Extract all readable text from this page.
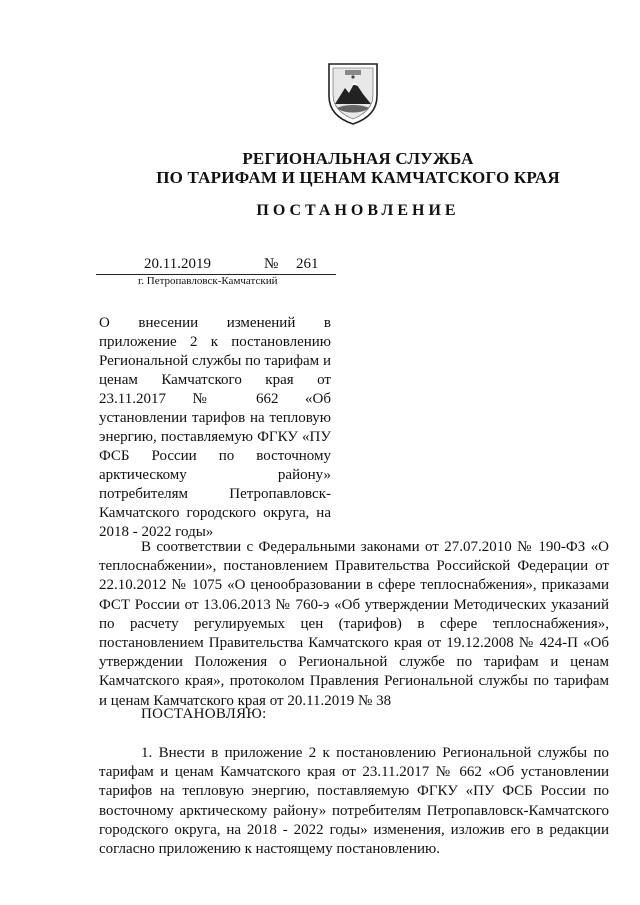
РЕГИОНАЛЬНАЯ СЛУЖБА
ПО ТАРИФАМ И ЦЕНАМ КАМЧАТСКОГО КРАЯ
ПОСТАНОВЛЕНИЕ
20.11.2019	№ 261
г. Петропавловск-Камчатский
О внесении изменений в приложение 2 к постановлению Региональной службы по тарифам и ценам Камчатского края от 23.11.2017 № 662 «Об установлении тарифов на тепловую энергию, поставляемую ФГКУ «ПУ ФСБ России по восточному арктическому району» потребителям Петропавловск-Камчатского городского округа, на 2018 - 2022 годы»
В соответствии с Федеральными законами от 27.07.2010 № 190-ФЗ «О теплоснабжении», постановлением Правительства Российской Федерации от 22.10.2012 № 1075 «О ценообразовании в сфере теплоснабжения», приказами ФСТ России от 13.06.2013 № 760-э «Об утверждении Методических указаний по расчету регулируемых цен (тарифов) в сфере теплоснабжения», постановлением Правительства Камчатского края от 19.12.2008 № 424-П «Об утверждении Положения о Региональной службе по тарифам и ценам Камчатского края», протоколом Правления Региональной службы по тарифам и ценам Камчатского края от 20.11.2019 № 38
ПОСТАНОВЛЯЮ:
1. Внести в приложение 2 к постановлению Региональной службы по тарифам и ценам Камчатского края от 23.11.2017 № 662 «Об установлении тарифов на тепловую энергию, поставляемую ФГКУ «ПУ ФСБ России по восточному арктическому району» потребителям Петропавловск-Камчатского городского округа, на 2018 - 2022 годы» изменения, изложив его в редакции согласно приложению к настоящему постановлению.
